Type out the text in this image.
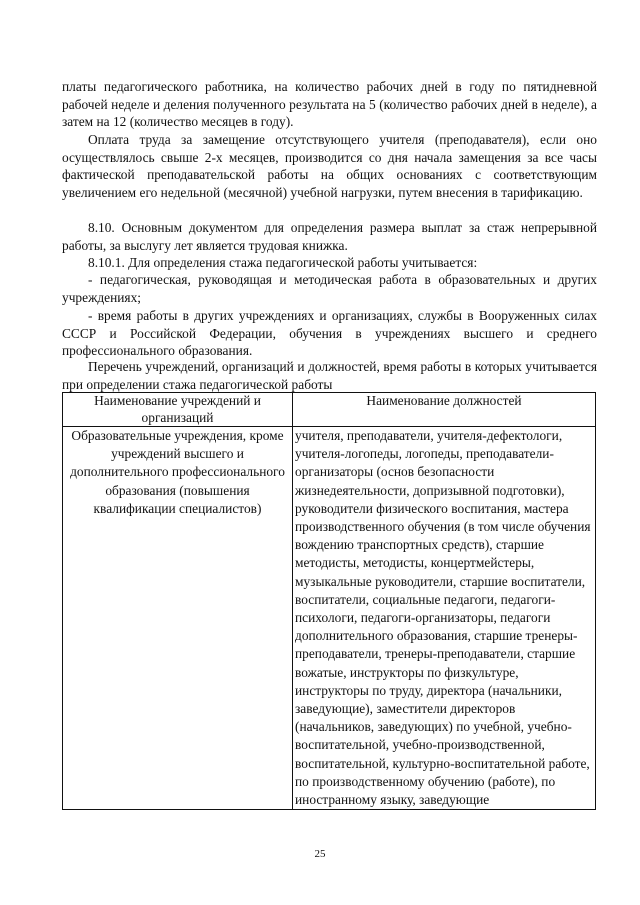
платы педагогического работника, на количество рабочих дней в году по пятидневной рабочей неделе и деления полученного результата на 5 (количество рабочих дней в неделе), а затем на 12 (количество месяцев в году).

Оплата труда за замещение отсутствующего учителя (преподавателя), если оно осуществлялось свыше 2-х месяцев, производится со дня начала замещения за все часы фактической преподавательской работы на общих основаниях с соответствующим увеличением его недельной (месячной) учебной нагрузки, путем внесения в тарификацию.

8.10. Основным документом для определения размера выплат за стаж непрерывной работы, за выслугу лет является трудовая книжка.

8.10.1. Для определения стажа педагогической работы учитывается:

- педагогическая, руководящая и методическая работа в образовательных и других учреждениях;

- время работы в других учреждениях и организациях, службы в Вооруженных силах СССР и Российской Федерации, обучения в учреждениях высшего и среднего профессионального образования.

Перечень учреждений, организаций и должностей, время работы в которых учитывается при определении стажа педагогической работы

Наименование учреждений и организаций	Наименование должностей
Образовательные учреждения, кроме учреждений высшего и дополнительного профессионального образования (повышения квалификации специалистов)	учителя, преподаватели, учителя-дефектологи, учителя-логопеды, логопеды, преподаватели-организаторы (основ безопасности жизнедеятельности, допризывной подготовки), руководители физического воспитания, мастера производственного обучения (в том числе обучения вождению транспортных средств), старшие методисты, методисты, концертмейстеры, музыкальные руководители, старшие воспитатели, воспитатели, социальные педагоги, педагоги-психологи, педагоги-организаторы, педагоги дополнительного образования, старшие тренеры-преподаватели, тренеры-преподаватели, старшие вожатые, инструкторы по физкультуре, инструкторы по труду, директора (начальники, заведующие), заместители директоров (начальников, заведующих) по учебной, учебно-воспитательной, учебно-производственной, воспитательной, культурно-воспитательной работе, по производственному обучению (работе), по иностранному языку, заведующие
25
